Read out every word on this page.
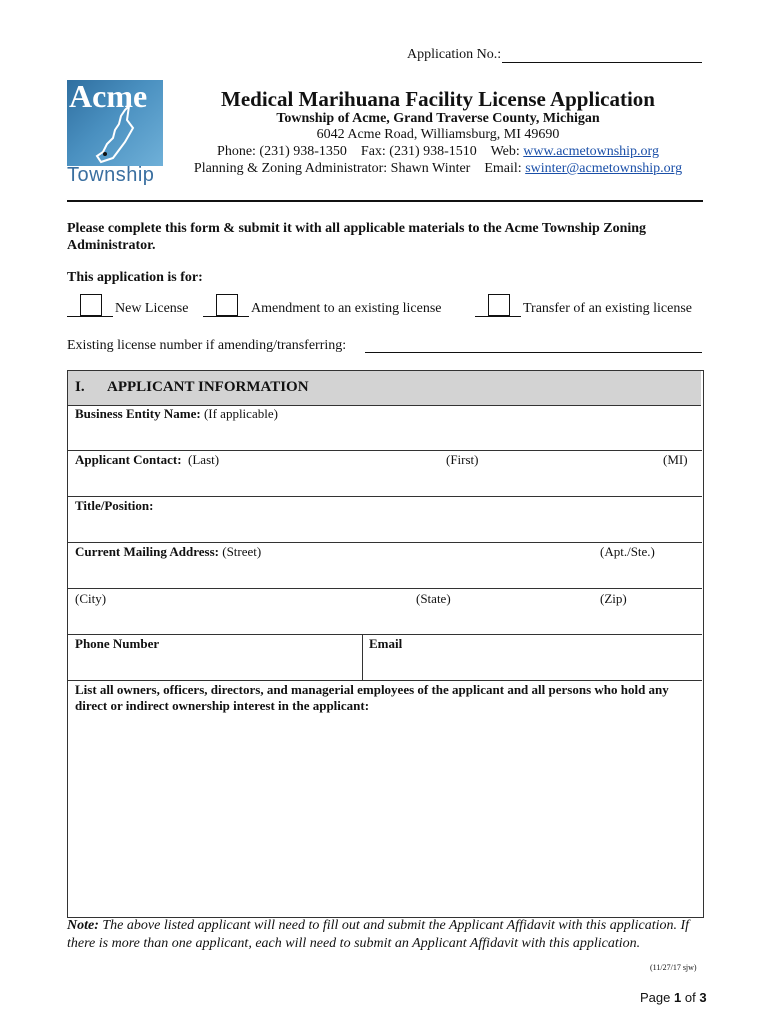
Application No.:
Acme
Township
Medical Marihuana Facility License Application
Township of Acme, Grand Traverse County, Michigan
6042 Acme Road, Williamsburg, MI 49690
Phone: (231) 938-1350 Fax: (231) 938-1510 Web: www.acmetownship.org
Planning & Zoning Administrator: Shawn Winter Email: swinter@acmetownship.org
Please complete this form & submit it with all applicable materials to the Acme Township Zoning Administrator.
This application is for:
New License	Amendment to an existing license	Transfer of an existing license
Existing license number if amending/transferring:
I. APPLICANT INFORMATION
Business Entity Name: (If applicable)
Applicant Contact: (Last)	(First)	(MI)
Title/Position:
Current Mailing Address: (Street)	(Apt./Ste.)
(City)	(State)	(Zip)
Phone Number	Email
List all owners, officers, directors, and managerial employees of the applicant and all persons who hold any direct or indirect ownership interest in the applicant:
Note: The above listed applicant will need to fill out and submit the Applicant Affidavit with this application. If there is more than one applicant, each will need to submit an Applicant Affidavit with this application.
(11/27/17 sjw)
Page 1 of 3
